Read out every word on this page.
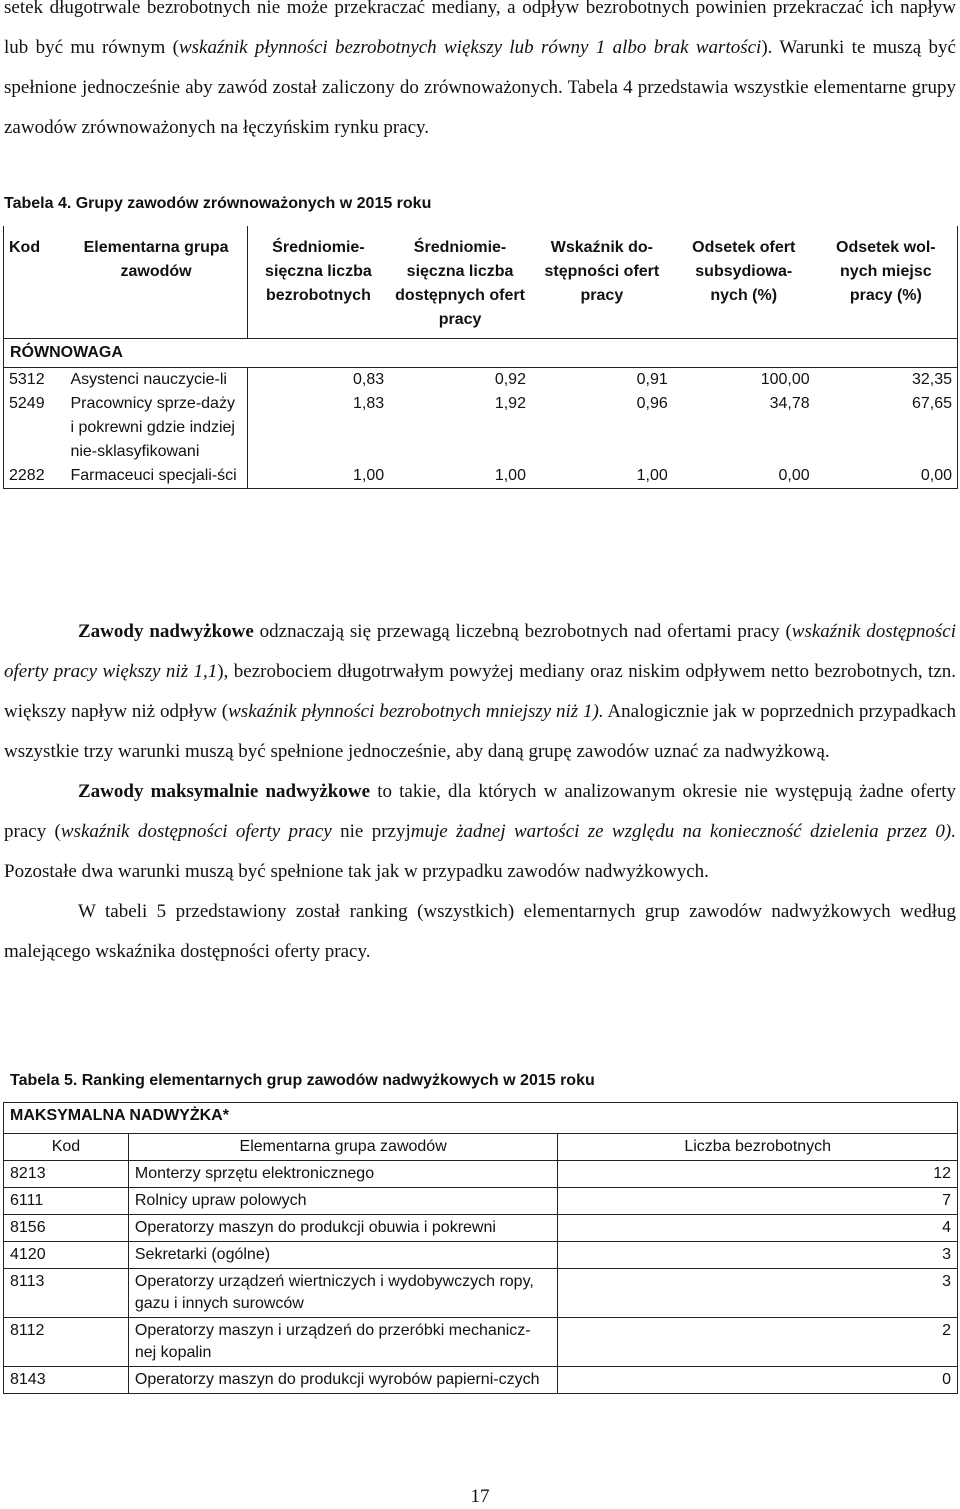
setek długotrwale bezrobotnych nie może przekraczać mediany, a odpływ bezrobotnych powinien przekraczać ich napływ lub być mu równym (wskaźnik płynności bezrobotnych większy lub równy 1 albo brak wartości). Warunki te muszą być spełnione jednocześnie aby zawód został zaliczony do zrównoważonych. Tabela 4 przedstawia wszystkie elementarne grupy zawodów zrównoważonych na łęczyńskim rynku pracy.

Tabela 4. Grupy zawodów zrównoważonych w 2015 roku
RÓWNOWAGA						
Kod	Elementarna grupa zawodów	Średniomie-sięczna liczba bezrobotnych	Średniomie-sięczna liczba dostępnych ofert pracy	Wskaźnik do-stępności ofert pracy	Odsetek ofert subsydiowa-nych (%)	Odsetek wol-nych miejsc pracy (%)
5312	Asystenci nauczycie-li	0,83	0,92	0,91	100,00	32,35
5249	Pracownicy sprze-daży i pokrewni gdzie indziej nie-sklasyfikowani	1,83	1,92	0,96	34,78	67,65
2282	Farmaceuci specjali-ści	1,00	1,00	1,00	0,00	0,00

Zawody nadwyżkowe odznaczają się przewagą liczebną bezrobotnych nad ofertami pracy (wskaźnik dostępności oferty pracy większy niż 1,1), bezrobociem długotrwałym powyżej mediany oraz niskim odpływem netto bezrobotnych, tzn. większy napływ niż odpływ (wskaźnik płynności bezrobotnych mniejszy niż 1). Analogicznie jak w poprzednich przypadkach wszystkie trzy warunki muszą być spełnione jednocześnie, aby daną grupę zawodów uznać za nadwyżkową.

Zawody maksymalnie nadwyżkowe to takie, dla których w analizowanym okresie nie występują żadne oferty pracy (wskaźnik dostępności oferty pracy nie przyjmuje żadnej wartości ze względu na konieczność dzielenia przez 0). Pozostałe dwa warunki muszą być spełnione tak jak w przypadku zawodów nadwyżkowych.

W tabeli 5 przedstawiony został ranking (wszystkich) elementarnych grup zawodów nadwyżkowych według malejącego wskaźnika dostępności oferty pracy.

Tabela 5. Ranking elementarnych grup zawodów nadwyżkowych w 2015 roku
MAKSYMALNA NADWYŻKA*		
Kod	Elementarna grupa zawodów	Liczba bezrobotnych
8213	Monterzy sprzętu elektronicznego	12
6111	Rolnicy upraw polowych	7
8156	Operatorzy maszyn do produkcji obuwia i pokrewni	4
4120	Sekretarki (ogólne)	3
8113	Operatorzy urządzeń wiertniczych i wydobywczych ropy, gazu i innych surowców	3
8112	Operatorzy maszyn i urządzeń do przeróbki mechanicz-nej kopalin	2
8143	Operatorzy maszyn do produkcji wyrobów papierni-czych	0
17
